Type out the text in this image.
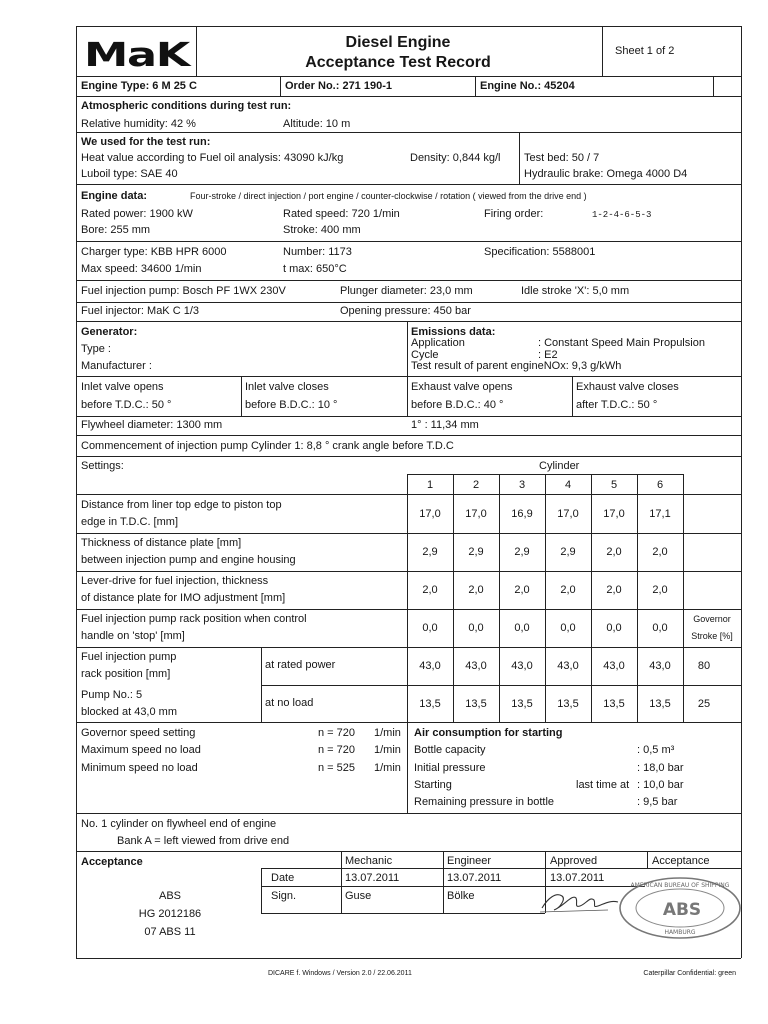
MaK	Diesel Engine
Acceptance Test Record
Sheet 1 of 2
Engine Type: 6 M 25 C	Order No.: 271 190-1	Engine No.: 45204
Atmospheric conditions during test run:
Relative humidity: 42 %	Altitude: 10 m
We used for the test run:
Heat value according to Fuel oil analysis: 43090 kJ/kg	Density: 0,844 kg/l Test bed: 50 / 7
Luboil type: SAE 40	Hydraulic brake: Omega 4000 D4
Engine data:	Four-stroke / direct injection / port engine / counter-clockwise / rotation ( viewed from the drive end )
Rated power: 1900 kW	Rated speed: 720 1/min	Firing order:	1-2-4-6-5-3
Bore: 255 mm	Stroke: 400 mm
Charger type: KBB HPR 6000	Number: 1173	Specification: 5588001
Max speed: 34600 1/min	t max: 650°C
Fuel injection pump: Bosch PF 1WX 230V	Plunger diameter: 23,0 mm	Idle stroke 'X': 5,0 mm
Fuel injector: MaK C 1/3	Opening pressure: 450 bar
Generator:
Type :
Manufacturer :
Emissions data:
Application	: Constant Speed Main Propulsion
Cycle	: E2
Test result of parent engineNOx: 9,3 g/kWh
Inlet valve opens
before T.D.C.: 50 °
Inlet valve closes
before B.D.C.: 10 °
Exhaust valve opens
before B.D.C.: 40 °
Exhaust valve closes
after T.D.C.: 50 °
Flywheel diameter: 1300 mm	1° : 11,34 mm
Commencement of injection pump Cylinder 1: 8,8 ° crank angle before T.D.C
Settings:	Cylinder
1	2	3	4	5	6
Distance from liner top edge to piston top
edge in T.D.C. [mm]
17,0	17,0	16,9	17,0	17,0	17,1
Thickness of distance plate [mm]
between injection pump and engine housing
2,9	2,9	2,9	2,9	2,0	2,0
Lever-drive for fuel injection, thickness
of distance plate for IMO adjustment [mm]
2,0	2,0	2,0	2,0	2,0	2,0
Fuel injection pump rack position when control
handle on 'stop' [mm]
0,0	0,0	0,0	0,0	0,0	0,0
Governor
Stroke [%]
Fuel injection pump
rack position [mm]
Pump No.: 5
blocked at 43,0 mm
at rated power
at no load
43,0	43,0	43,0	43,0	43,0	43,0	80
13,5	13,5	13,5	13,5	13,5	13,5	25
Governor speed setting	n = 720 1/min
Maximum speed no load	n = 720 1/min
Minimum speed no load	n = 525 1/min
Air consumption for starting
Bottle capacity	: 0,5 m³
Initial pressure	: 18,0 bar
Starting	last time at : 10,0 bar
Remaining pressure in bottle	: 9,5 bar
No. 1 cylinder on flywheel end of engine
Bank A = left viewed from drive end
Acceptance	Mechanic	Engineer	Approved	Acceptance
Date	13.07.2011	13.07.2011	13.07.2011
Sign.	Guse	Bölke
ABS
HG 2012186
07 ABS 11
AMERICAN BUREAU OF SHIPPING
ABS
HAMBURG
DICARE f. Windows / Version 2.0 / 22.06.2011	Caterpillar Confidential: green
